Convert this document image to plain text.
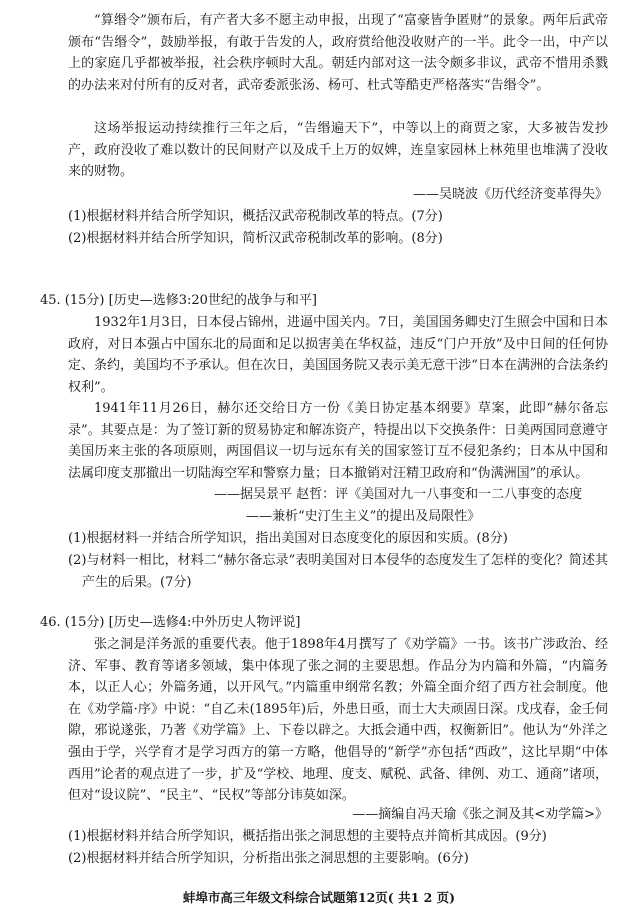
“算缗令”颁布后，有产者大多不愿主动申报，出现了“富豪皆争匿财”的景象。两年后武帝颁布“告缗令”，鼓励举报，有敢于告发的人，政府赏给他没收财产的一半。此令一出，中产以上的家庭几乎都被举报，社会秩序顿时大乱。朝廷内部对这一法令颇多非议，武帝不惜用杀戮的办法来对付所有的反对者，武帝委派张汤、杨可、杜式等酷吏严格落实“告缗令”。

这场举报运动持续推行三年之后，“告缗遍天下”，中等以上的商贾之家，大多被告发抄产，政府没收了难以数计的民间财产以及成千上万的奴婢，连皇家园林上林苑里也堆满了没收来的财物。

——吴晓波《历代经济变革得失》

(1)根据材料并结合所学知识，概括汉武帝税制改革的特点。(7分)

(2)根据材料并结合所学知识，简析汉武帝税制改革的影响。(8分)

45. (15分) [历史—选修3:20世纪的战争与和平]

1932年1月3日，日本侵占锦州，进逼中国关内。7日，美国国务卿史汀生照会中国和日本政府，对日本强占中国东北的局面和足以损害美在华权益，违反“门户开放”及中日间的任何协定、条约，美国均不予承认。但在次日，美国国务院又表示美无意干涉“日本在满洲的合法条约权利”。

1941年11月26日，赫尔还交给日方一份《美日协定基本纲要》草案，此即“赫尔备忘录”。其要点是：为了签订新的贸易协定和解冻资产，特提出以下交换条件：日美两国同意遵守美国历来主张的各项原则，两国倡议一切与远东有关的国家签订互不侵犯条约；日本从中国和法属印度支那撤出一切陆海空军和警察力量；日本撤销对汪精卫政府和“伪满洲国”的承认。

——据吴景平 赵哲：评《美国对九一八事变和一二八事变的态度

——兼析“史汀生主义”的提出及局限性》

(1)根据材料一并结合所学知识，指出美国对日态度变化的原因和实质。(8分)

(2)与材料一相比，材料二“赫尔备忘录”表明美国对日本侵华的态度发生了怎样的变化？简述其产生的后果。(7分)

46. (15分) [历史—选修4:中外历史人物评说]

张之洞是洋务派的重要代表。他于1898年4月撰写了《劝学篇》一书。该书广涉政治、经济、军事、教育等诸多领域，集中体现了张之洞的主要思想。作品分为内篇和外篇，“内篇务本，以正人心；外篇务通，以开风气。”内篇重申纲常名教；外篇全面介绍了西方社会制度。他在《劝学篇·序》中说：“自乙未(1895年)后，外患日亟，而士大夫顽固日深。戊戌春，金壬伺隙，邪说遂张，乃著《劝学篇》上、下卷以辟之。大抵会通中西，权衡新旧”。他认为“外洋之强由于学，兴学育才是学习西方的第一方略，他倡导的“新学”亦包括“西政”，这比早期“中体西用”论者的观点进了一步，扩及“学校、地理、度支、赋税、武备、律例、劝工、通商”诸项，但对“设议院”、“民主”、“民权”等部分讳莫如深。

——摘编自冯天瑜《张之洞及其<劝学篇>》

(1)根据材料并结合所学知识，概括指出张之洞思想的主要特点并简析其成因。(9分)

(2)根据材料并结合所学知识，分析指出张之洞思想的主要影响。(6分)

蚌埠市高三年级文科综合试题第12页( 共1 2 页)
